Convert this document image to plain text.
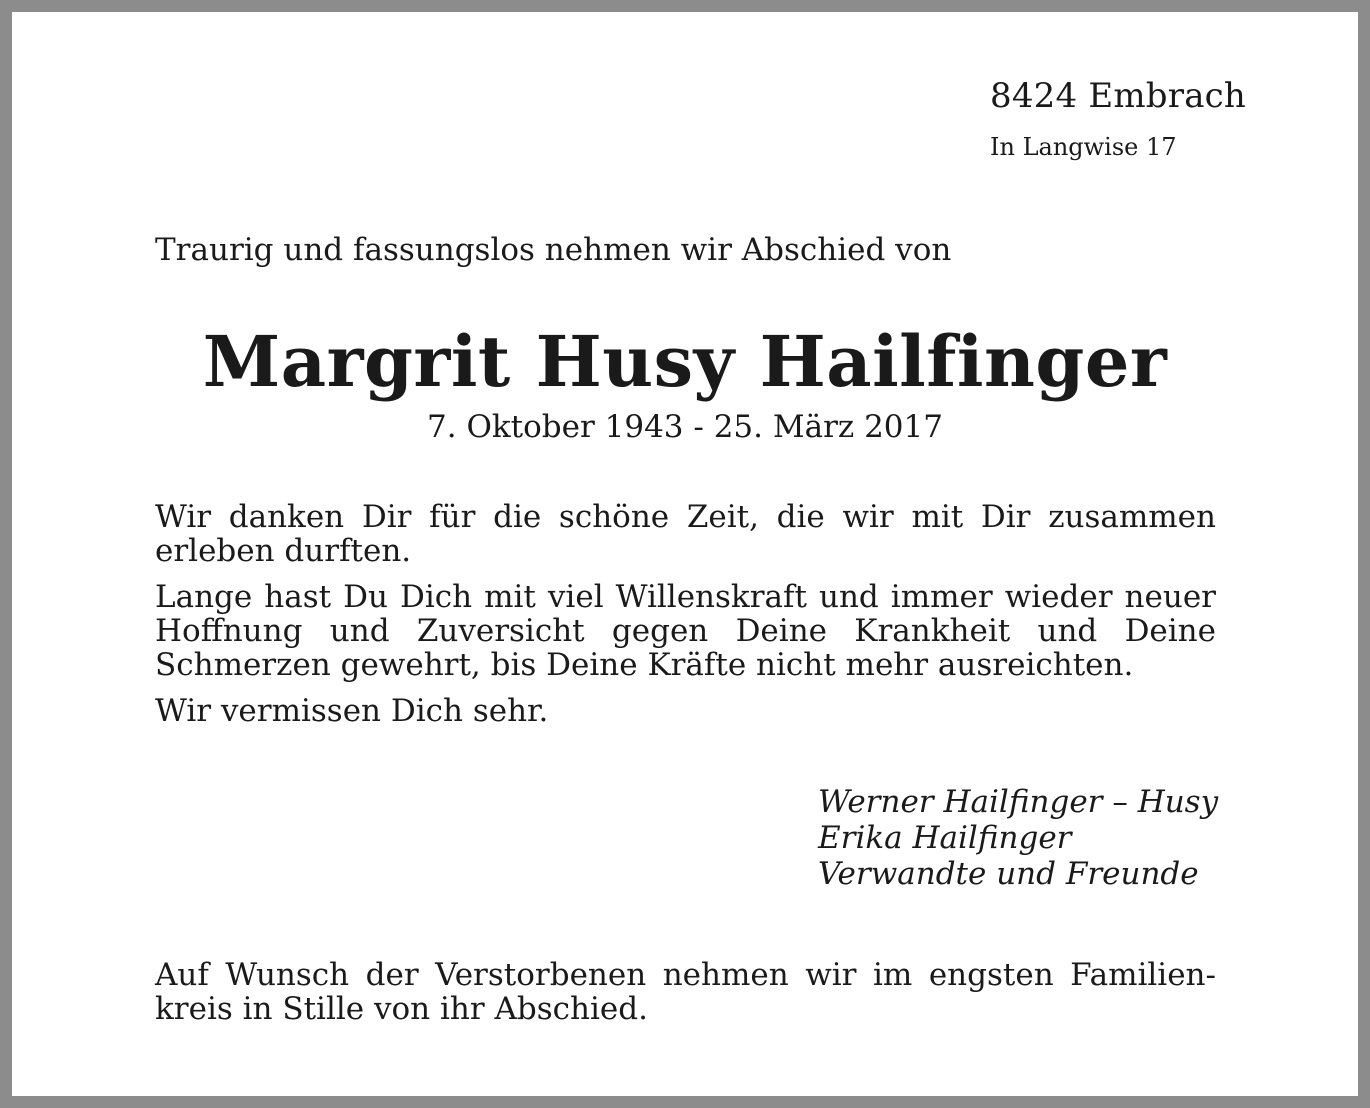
8424 Embrach
In Langwise 17
Traurig und fassungslos nehmen wir Abschied von
Margrit Husy Hailfinger
7. Oktober 1943 - 25. März 2017

Wir danken Dir für die schöne Zeit, die wir mit Dir zusammen erleben durften.

Lange hast Du Dich mit viel Willenskraft und immer wieder neuer Hoffnung und Zuversicht gegen Deine Krankheit und Deine Schmerzen gewehrt, bis Deine Kräfte nicht mehr ausreichten.

Wir vermissen Dich sehr.

Werner Hailfinger – Husy
Erika Hailfinger
Verwandte und Freunde

Auf Wunsch der Verstorbenen nehmen wir im engsten Familien-kreis in Stille von ihr Abschied.
